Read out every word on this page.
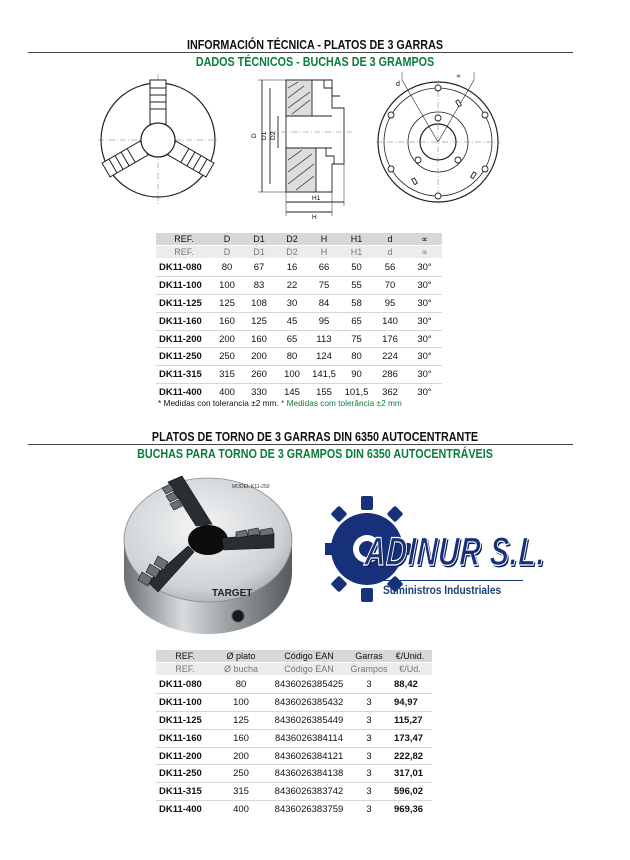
INFORMACIÓN TÉCNICA - PLATOS DE 3 GARRAS
DADOS TÉCNICOS - BUCHAS DE 3 GRAMPOS
D D1 D2
H1
H
d
∝
REF.	D	D1	D2	H	H1	d	∝
REF.	D	D1	D2	H	H1	d	∝
DK11-080	80	67	16	66	50	56	30°
DK11-100	100	83	22	75	55	70	30°
DK11-125	125	108	30	84	58	95	30°
DK11-160	160	125	45	95	65	140	30°
DK11-200	200	160	65	113	75	176	30°
DK11-250	250	200	80	124	80	224	30°
DK11-315	315	260	100	141,5	90	286	30°
DK11-400	400	330	145	155	101,5	362	30°
* Medidas con tolerancia ±2 mm. * Medidas com tolerância ±2 mm
PLATOS DE TORNO DE 3 GARRAS DIN 6350 AUTOCENTRANTE
BUCHAS PARA TORNO DE 3 GRAMPOS DIN 6350 AUTOCENTRÁVEIS
TARGET
MODEL K11-250
ADINUR S.L.
Suministros Industriales
REF.	Ø plato	Código EAN	Garras	€/Unid.
REF.	Ø bucha	Código EAN	Grampos	€/Ud.
DK11-080	80	8436026385425	3	88,42
DK11-100	100	8436026385432	3	94,97
DK11-125	125	8436026385449	3	115,27
DK11-160	160	8436026384114	3	173,47
DK11-200	200	8436026384121	3	222,82
DK11-250	250	8436026384138	3	317,01
DK11-315	315	8436026383742	3	596,02
DK11-400	400	8436026383759	3	969,36
